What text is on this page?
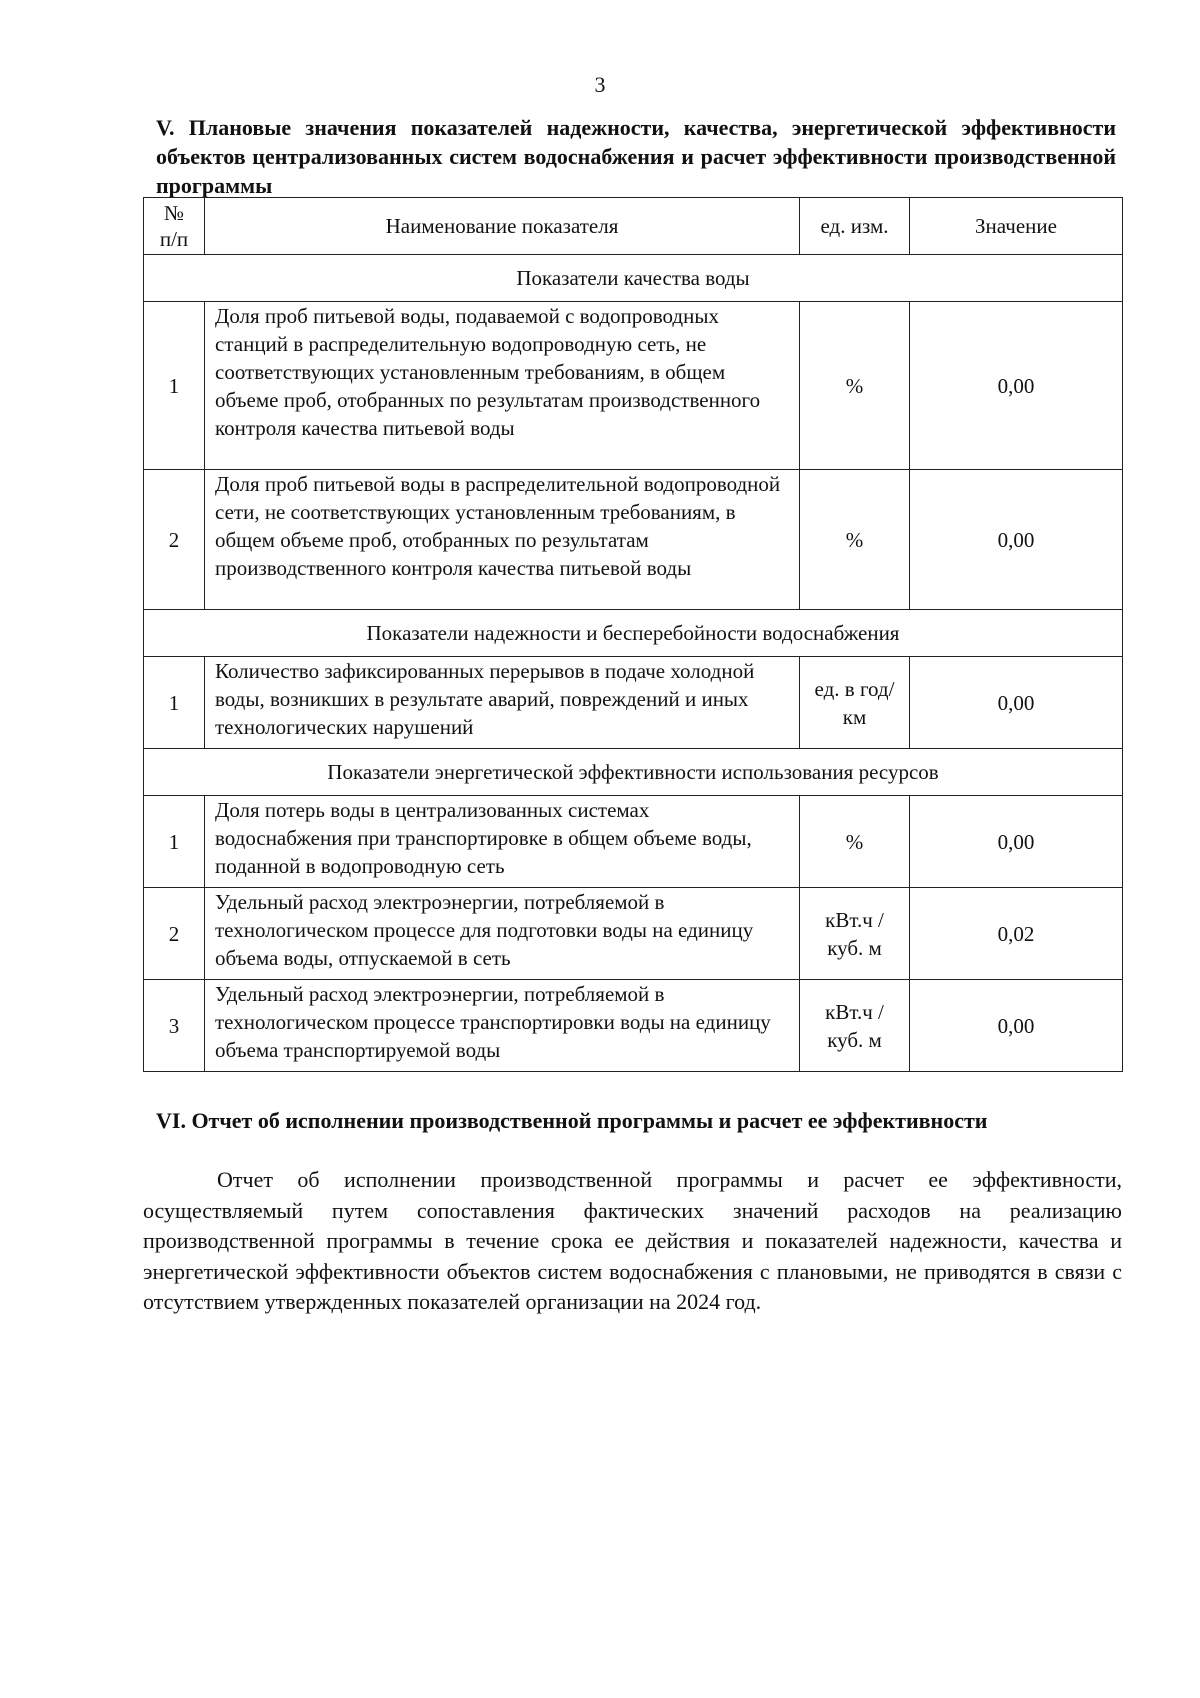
3

V. Плановые значения показателей надежности, качества, энергетической эффективности объектов централизованных систем водоснабжения и расчет эффективности производственной программы

№ п/п	Наименование показателя	ед. изм.	Значение
Показатели качества воды			
1	Доля проб питьевой воды, подаваемой с водопроводных станций в распределительную водопроводную сеть, не соответствующих установленным требованиям, в общем объеме проб, отобранных по результатам производственного контроля качества питьевой воды	%	0,00
2	Доля проб питьевой воды в распределительной водопроводной сети, не соответствующих установленным требованиям, в общем объеме проб, отобранных по результатам производственного контроля качества питьевой воды	%	0,00
Показатели надежности и бесперебойности водоснабжения			
1	Количество зафиксированных перерывов в подаче холодной воды, возникших в результате аварий, повреждений и иных технологических нарушений	ед. в год/ км	0,00
Показатели энергетической эффективности использования ресурсов			
1	Доля потерь воды в централизованных системах водоснабжения при транспортировке в общем объеме воды, поданной в водопроводную сеть	%	0,00
2	Удельный расход электроэнергии, потребляемой в технологическом процессе для подготовки воды на единицу объема воды, отпускаемой в сеть	кВт.ч / куб. м	0,02
3	Удельный расход электроэнергии, потребляемой в технологическом процессе транспортировки воды на единицу объема транспортируемой воды	кВт.ч / куб. м	0,00

VI. Отчет об исполнении производственной программы и расчет ее эффективности

Отчет об исполнении производственной программы и расчет ее эффективности, осуществляемый путем сопоставления фактических значений расходов на реализацию производственной программы в течение срока ее действия и показателей надежности, качества и энергетической эффективности объектов систем водоснабжения с плановыми, не приводятся в связи с отсутствием утвержденных показателей организации на 2024 год.
